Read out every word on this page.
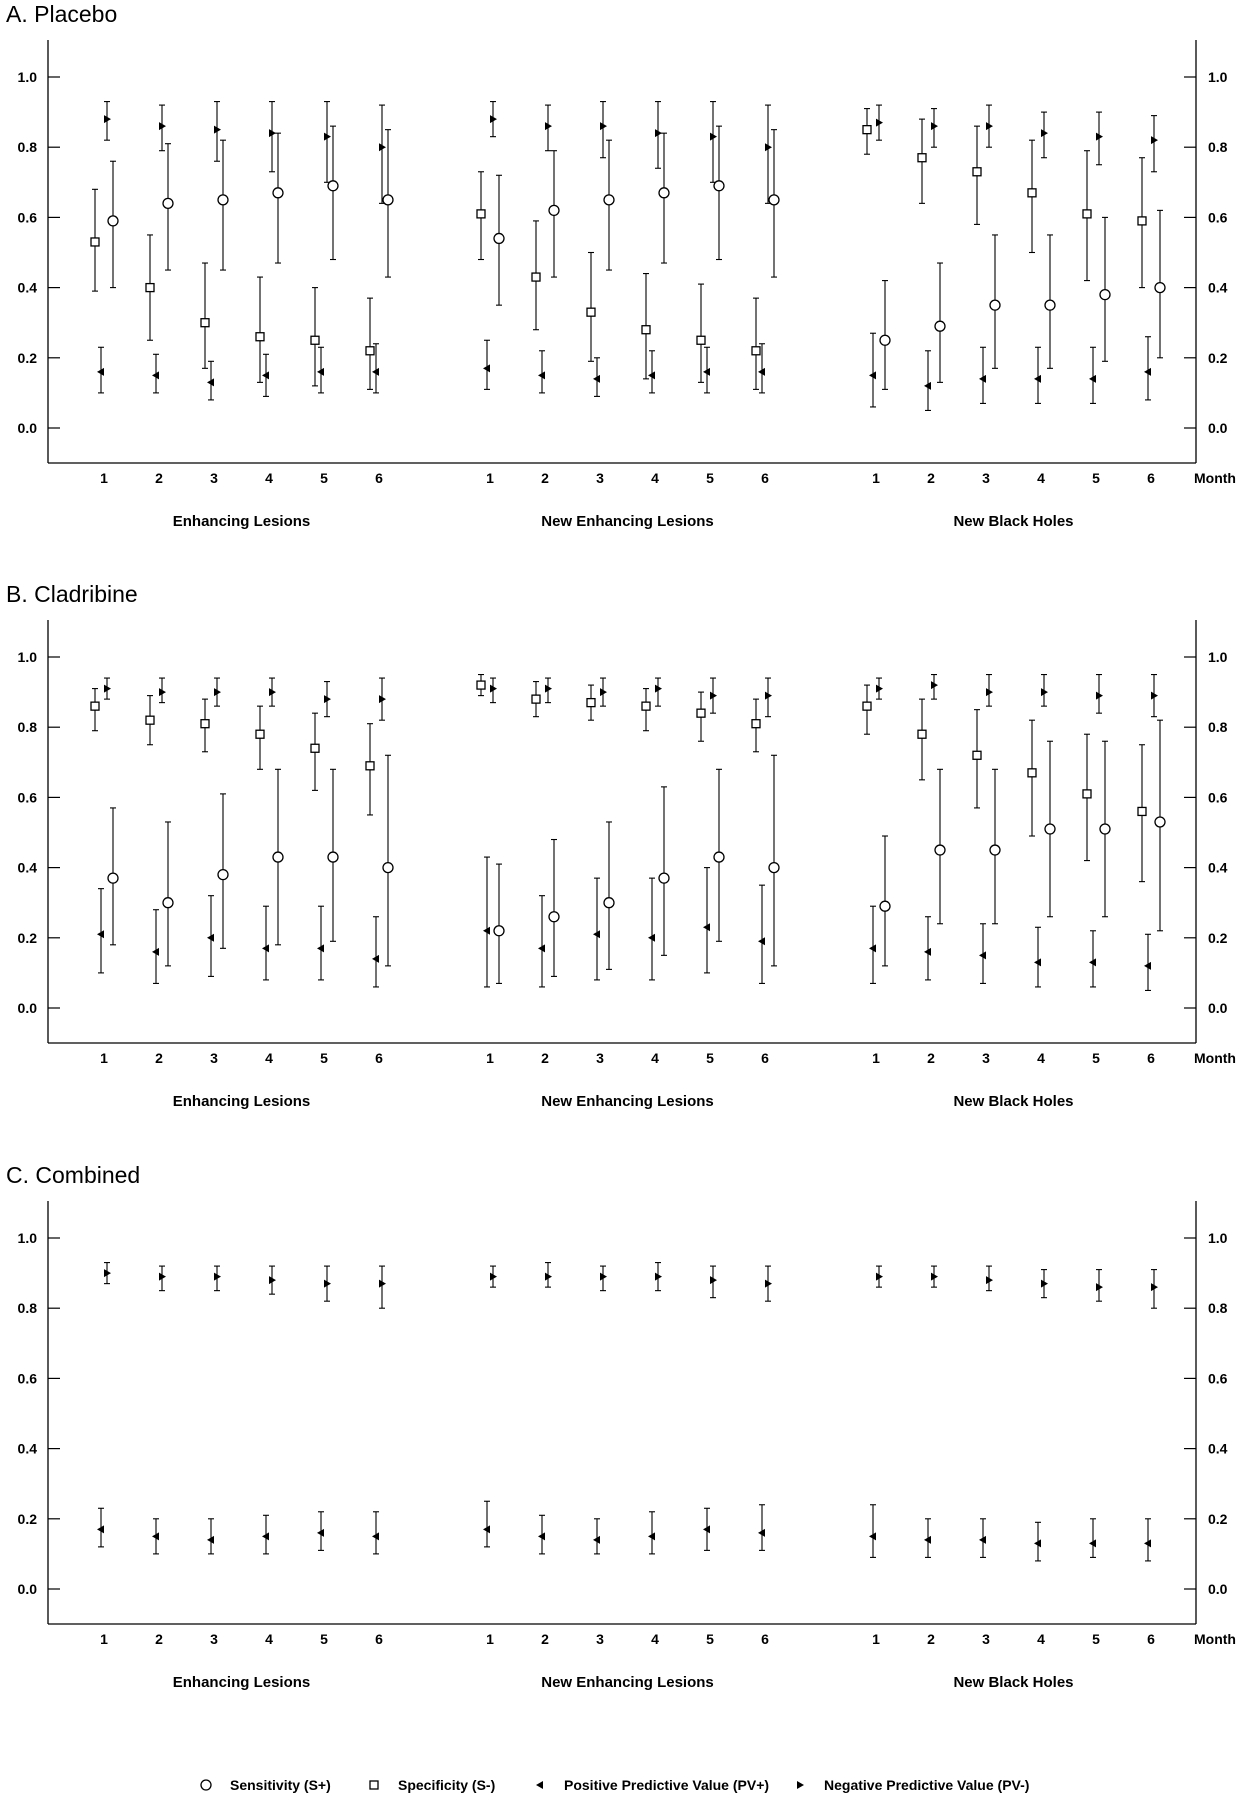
A. Placebo
0.0	0.0
0.2	0.2
0.4	0.4
0.6	0.6
0.8	0.8
1.0	1.0
1	2	3	4	5	6
Enhancing Lesions
1	2	3	4	5	6
New Enhancing Lesions
1	2	3	4	5	6
New Black Holes
Month
B. Cladribine
0.0	0.0
0.2	0.2
0.4	0.4
0.6	0.6
0.8	0.8
1.0	1.0
1	2	3	4	5	6
Enhancing Lesions
1	2	3	4	5	6
New Enhancing Lesions
1	2	3	4	5	6
New Black Holes
Month
C. Combined
0.0	0.0
0.2	0.2
0.4	0.4
0.6	0.6
0.8	0.8
1.0	1.0
1	2	3	4	5	6
Enhancing Lesions
1	2	3	4	5	6
New Enhancing Lesions
1	2	3	4	5	6
New Black Holes
Month
Sensitivity (S+)	Specificity (S-)	Positive Predictive Value (PV+)	Negative Predictive Value (PV-)
